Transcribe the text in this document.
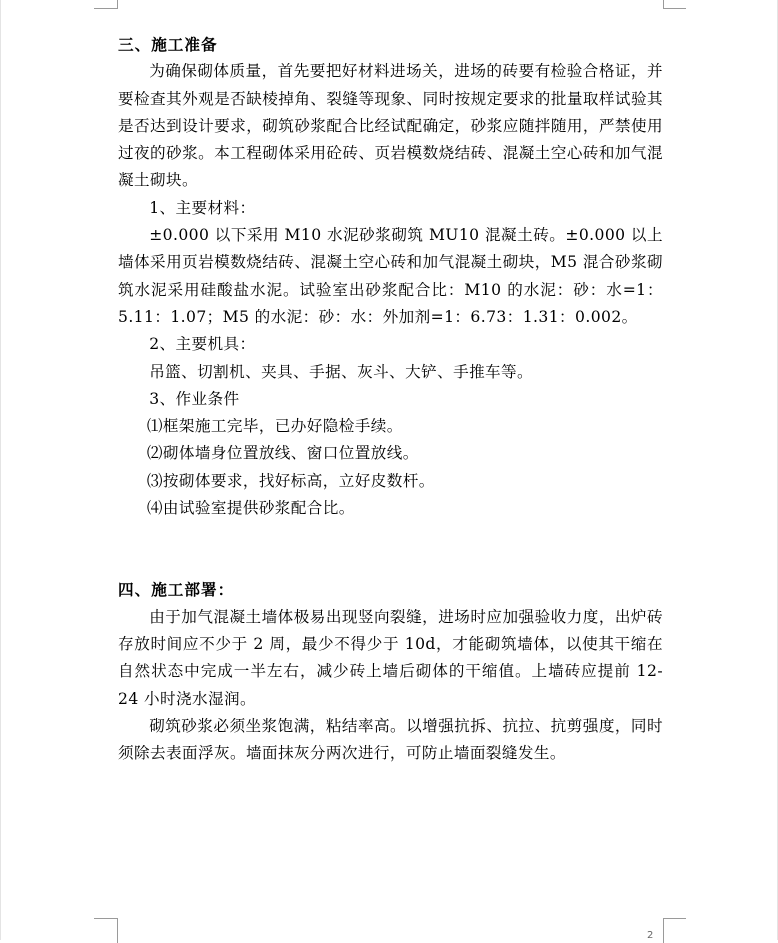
三、施工准备

为确保砌体质量，首先要把好材料进场关，进场的砖要有检验合格证，并要检查其外观是否缺棱掉角、裂缝等现象、同时按规定要求的批量取样试验其是否达到设计要求，砌筑砂浆配合比经试配确定，砂浆应随拌随用，严禁使用过夜的砂浆。本工程砌体采用砼砖、页岩模数烧结砖、混凝土空心砖和加气混凝土砌块。

1、主要材料：

±0.000 以下采用 M10 水泥砂浆砌筑 MU10 混凝土砖。±0.000 以上墙体采用页岩模数烧结砖、混凝土空心砖和加气混凝土砌块，M5 混合砂浆砌筑水泥采用硅酸盐水泥。试验室出砂浆配合比：M10 的水泥：砂：水=1：5.11：1.07；M5 的水泥：砂：水：外加剂=1：6.73：1.31：0.002。

2、主要机具：

吊篮、切割机、夹具、手据、灰斗、大铲、手推车等。

3、作业条件

⑴框架施工完毕，已办好隐检手续。

⑵砌体墙身位置放线、窗口位置放线。

⑶按砌体要求，找好标高，立好皮数杆。

⑷由试验室提供砂浆配合比。

四、施工部署：

由于加气混凝土墙体极易出现竖向裂缝，进场时应加强验收力度，出炉砖存放时间应不少于 2 周，最少不得少于 10d，才能砌筑墙体，以使其干缩在自然状态中完成一半左右，减少砖上墙后砌体的干缩值。上墙砖应提前 12-24 小时浇水湿润。

砌筑砂浆必须坐浆饱满，粘结率高。以增强抗拆、抗拉、抗剪强度，同时须除去表面浮灰。墙面抹灰分两次进行，可防止墙面裂缝发生。

2
